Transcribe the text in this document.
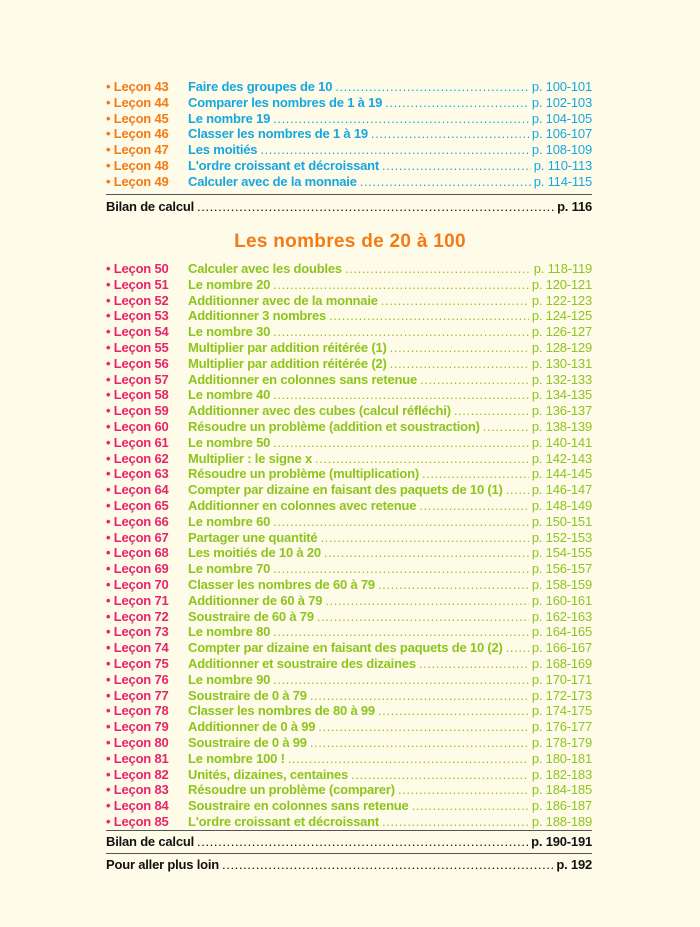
• Leçon 43	Faire des groupes de 10 .....	p. 100-101
• Leçon 44	Comparer les nombres de 1 à 19 .....	p. 102-103
• Leçon 45	Le nombre 19 .....	p. 104-105
• Leçon 46	Classer les nombres de 1 à 19 .....	p. 106-107
• Leçon 47	Les moitiés .....	p. 108-109
• Leçon 48	L'ordre croissant et décroissant .....	p. 110-113
• Leçon 49	Calculer avec de la monnaie .....	p. 114-115
Bilan de calcul .....	p. 116
Les nombres de 20 à 100
• Leçon 50	Calculer avec les doubles .....	p. 118-119
• Leçon 51	Le nombre 20 .....	p. 120-121
• Leçon 52	Additionner avec de la monnaie .....	p. 122-123
• Leçon 53	Additionner 3 nombres .....	p. 124-125
• Leçon 54	Le nombre 30 .....	p. 126-127
• Leçon 55	Multiplier par addition réitérée (1) .....	p. 128-129
• Leçon 56	Multiplier par addition réitérée (2) .....	p. 130-131
• Leçon 57	Additionner en colonnes sans retenue .....	p. 132-133
• Leçon 58	Le nombre 40 .....	p. 134-135
• Leçon 59	Additionner avec des cubes (calcul réfléchi) .....	p. 136-137
• Leçon 60	Résoudre un problème (addition et soustraction) .....	p. 138-139
• Leçon 61	Le nombre 50 .....	p. 140-141
• Leçon 62	Multiplier : le signe x .....	p. 142-143
• Leçon 63	Résoudre un problème (multiplication) .....	p. 144-145
• Leçon 64	Compter par dizaine en faisant des paquets de 10 (1) ..... p. 146-147
• Leçon 65	Additionner en colonnes avec retenue .....	p. 148-149
• Leçon 66	Le nombre 60 .....	p. 150-151
• Leçon 67	Partager une quantité .....	p. 152-153
• Leçon 68	Les moitiés de 10 à 20 .....	p. 154-155
• Leçon 69	Le nombre 70 .....	p. 156-157
• Leçon 70	Classer les nombres de 60 à 79 .....	p. 158-159
• Leçon 71	Additionner de 60 à 79 .....	p. 160-161
• Leçon 72	Soustraire de 60 à 79 .....	p. 162-163
• Leçon 73	Le nombre 80 .....	p. 164-165
• Leçon 74	Compter par dizaine en faisant des paquets de 10 (2) ..... p. 166-167
• Leçon 75	Additionner et soustraire des dizaines .....	p. 168-169
• Leçon 76	Le nombre 90 .....	p. 170-171
• Leçon 77	Soustraire de 0 à 79 .....	p. 172-173
• Leçon 78	Classer les nombres de 80 à 99 .....	p. 174-175
• Leçon 79	Additionner de 0 à 99 .....	p. 176-177
• Leçon 80	Soustraire de 0 à 99 .....	p. 178-179
• Leçon 81	Le nombre 100 ! .....	p. 180-181
• Leçon 82	Unités, dizaines, centaines .....	p. 182-183
• Leçon 83	Résoudre un problème (comparer) .....	p. 184-185
• Leçon 84	Soustraire en colonnes sans retenue .....	p. 186-187
• Leçon 85	L'ordre croissant et décroissant .....	p. 188-189
Bilan de calcul .....	p. 190-191
Pour aller plus loin .....	p. 192
